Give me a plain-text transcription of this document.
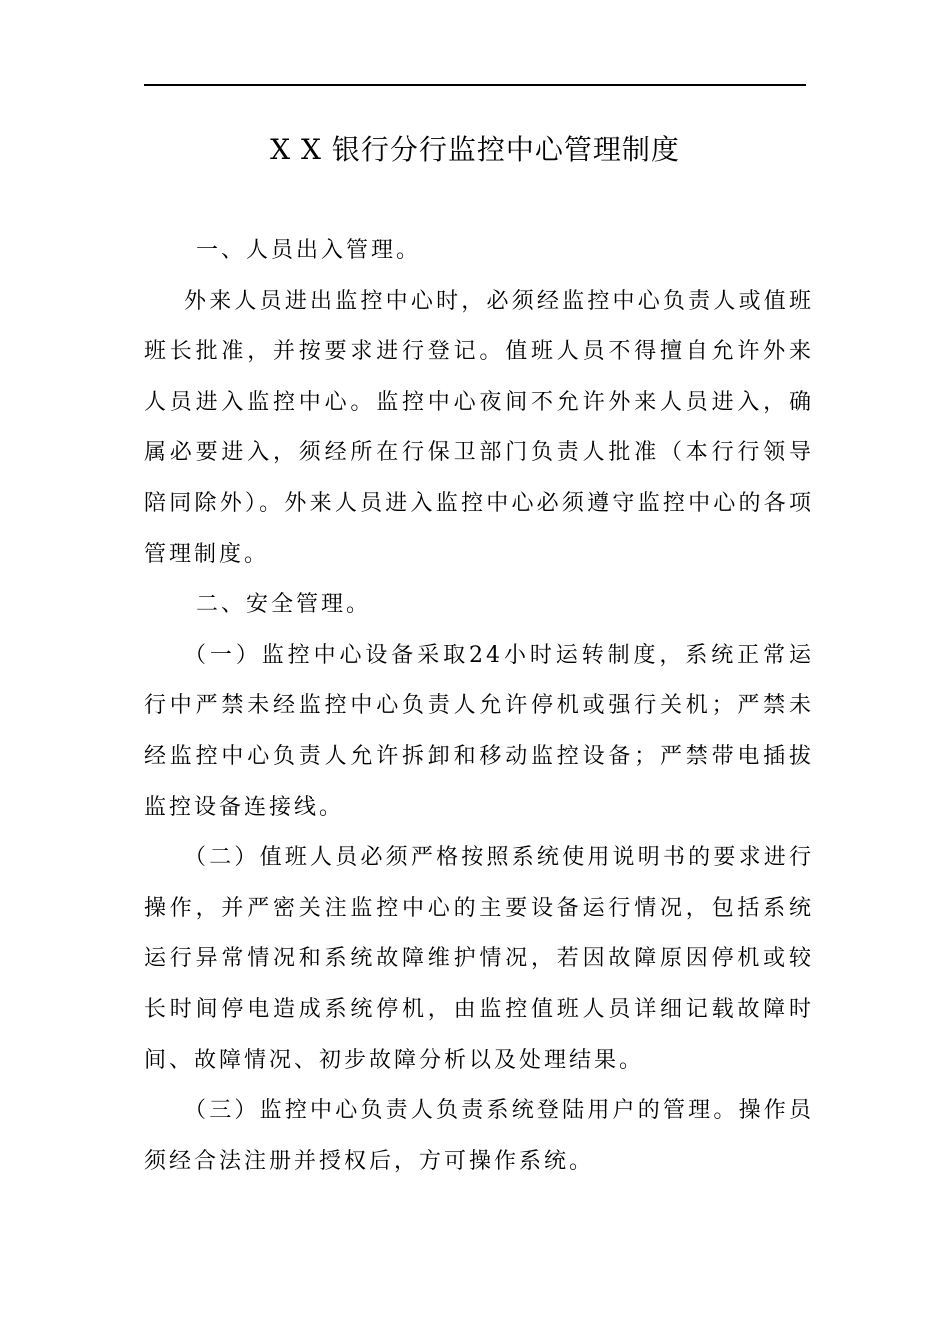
X X 银行分行监控中心管理制度

一、人员出入管理。

外来人员进出监控中心时，必须经监控中心负责人或值班班长批准，并按要求进行登记。值班人员不得擅自允许外来人员进入监控中心。监控中心夜间不允许外来人员进入，确属必要进入，须经所在行保卫部门负责人批准（本行行领导陪同除外）。外来人员进入监控中心必须遵守监控中心的各项管理制度。

二、安全管理。

（一）监控中心设备采取24小时运转制度，系统正常运行中严禁未经监控中心负责人允许停机或强行关机；严禁未经监控中心负责人允许拆卸和移动监控设备；严禁带电插拔监控设备连接线。

（二）值班人员必须严格按照系统使用说明书的要求进行操作，并严密关注监控中心的主要设备运行情况，包括系统运行异常情况和系统故障维护情况，若因故障原因停机或较长时间停电造成系统停机，由监控值班人员详细记载故障时间、故障情况、初步故障分析以及处理结果。

（三）监控中心负责人负责系统登陆用户的管理。操作员须经合法注册并授权后，方可操作系统。
